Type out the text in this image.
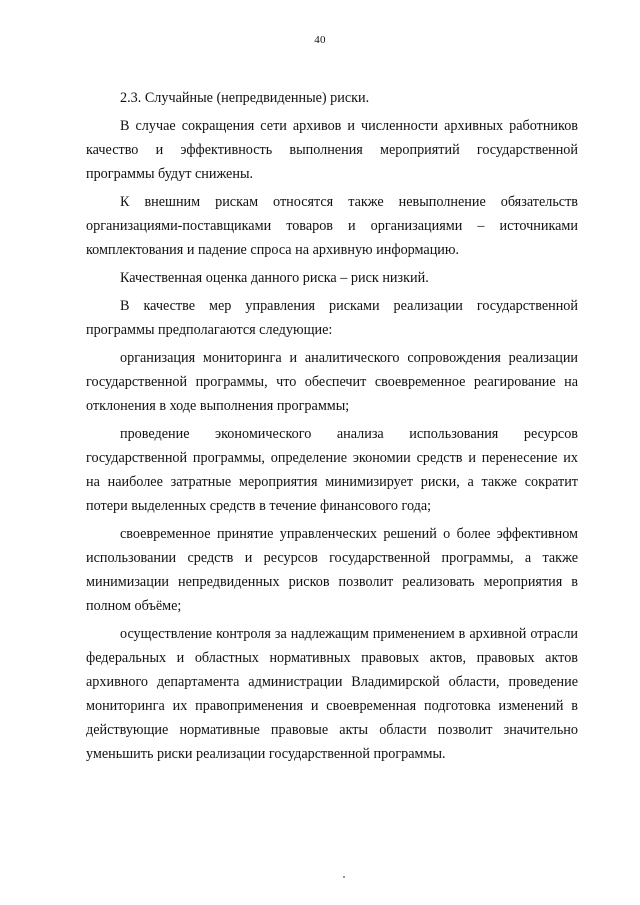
40

2.3. Случайные (непредвиденные) риски.

В случае сокращения сети архивов и численности архивных работников качество и эффективность выполнения мероприятий государственной программы будут снижены.

К внешним рискам относятся также невыполнение обязательств организациями-поставщиками товаров и организациями – источниками комплектования и падение спроса на архивную информацию.

Качественная оценка данного риска – риск низкий.

В качестве мер управления рисками реализации государственной программы предполагаются следующие:

организация мониторинга и аналитического сопровождения реализации государственной программы, что обеспечит своевременное реагирование на отклонения в ходе выполнения программы;

проведение экономического анализа использования ресурсов государственной программы, определение экономии средств и перенесение их на наиболее затратные мероприятия минимизирует риски, а также сократит потери выделенных средств в течение финансового года;

своевременное принятие управленческих решений о более эффективном использовании средств и ресурсов государственной программы, а также минимизации непредвиденных рисков позволит реализовать мероприятия в полном объёме;

осуществление контроля за надлежащим применением в архивной отрасли федеральных и областных нормативных правовых актов, правовых актов архивного департамента администрации Владимирской области, проведение мониторинга их правоприменения и своевременная подготовка изменений в действующие нормативные правовые акты области позволит значительно уменьшить риски реализации государственной программы.
